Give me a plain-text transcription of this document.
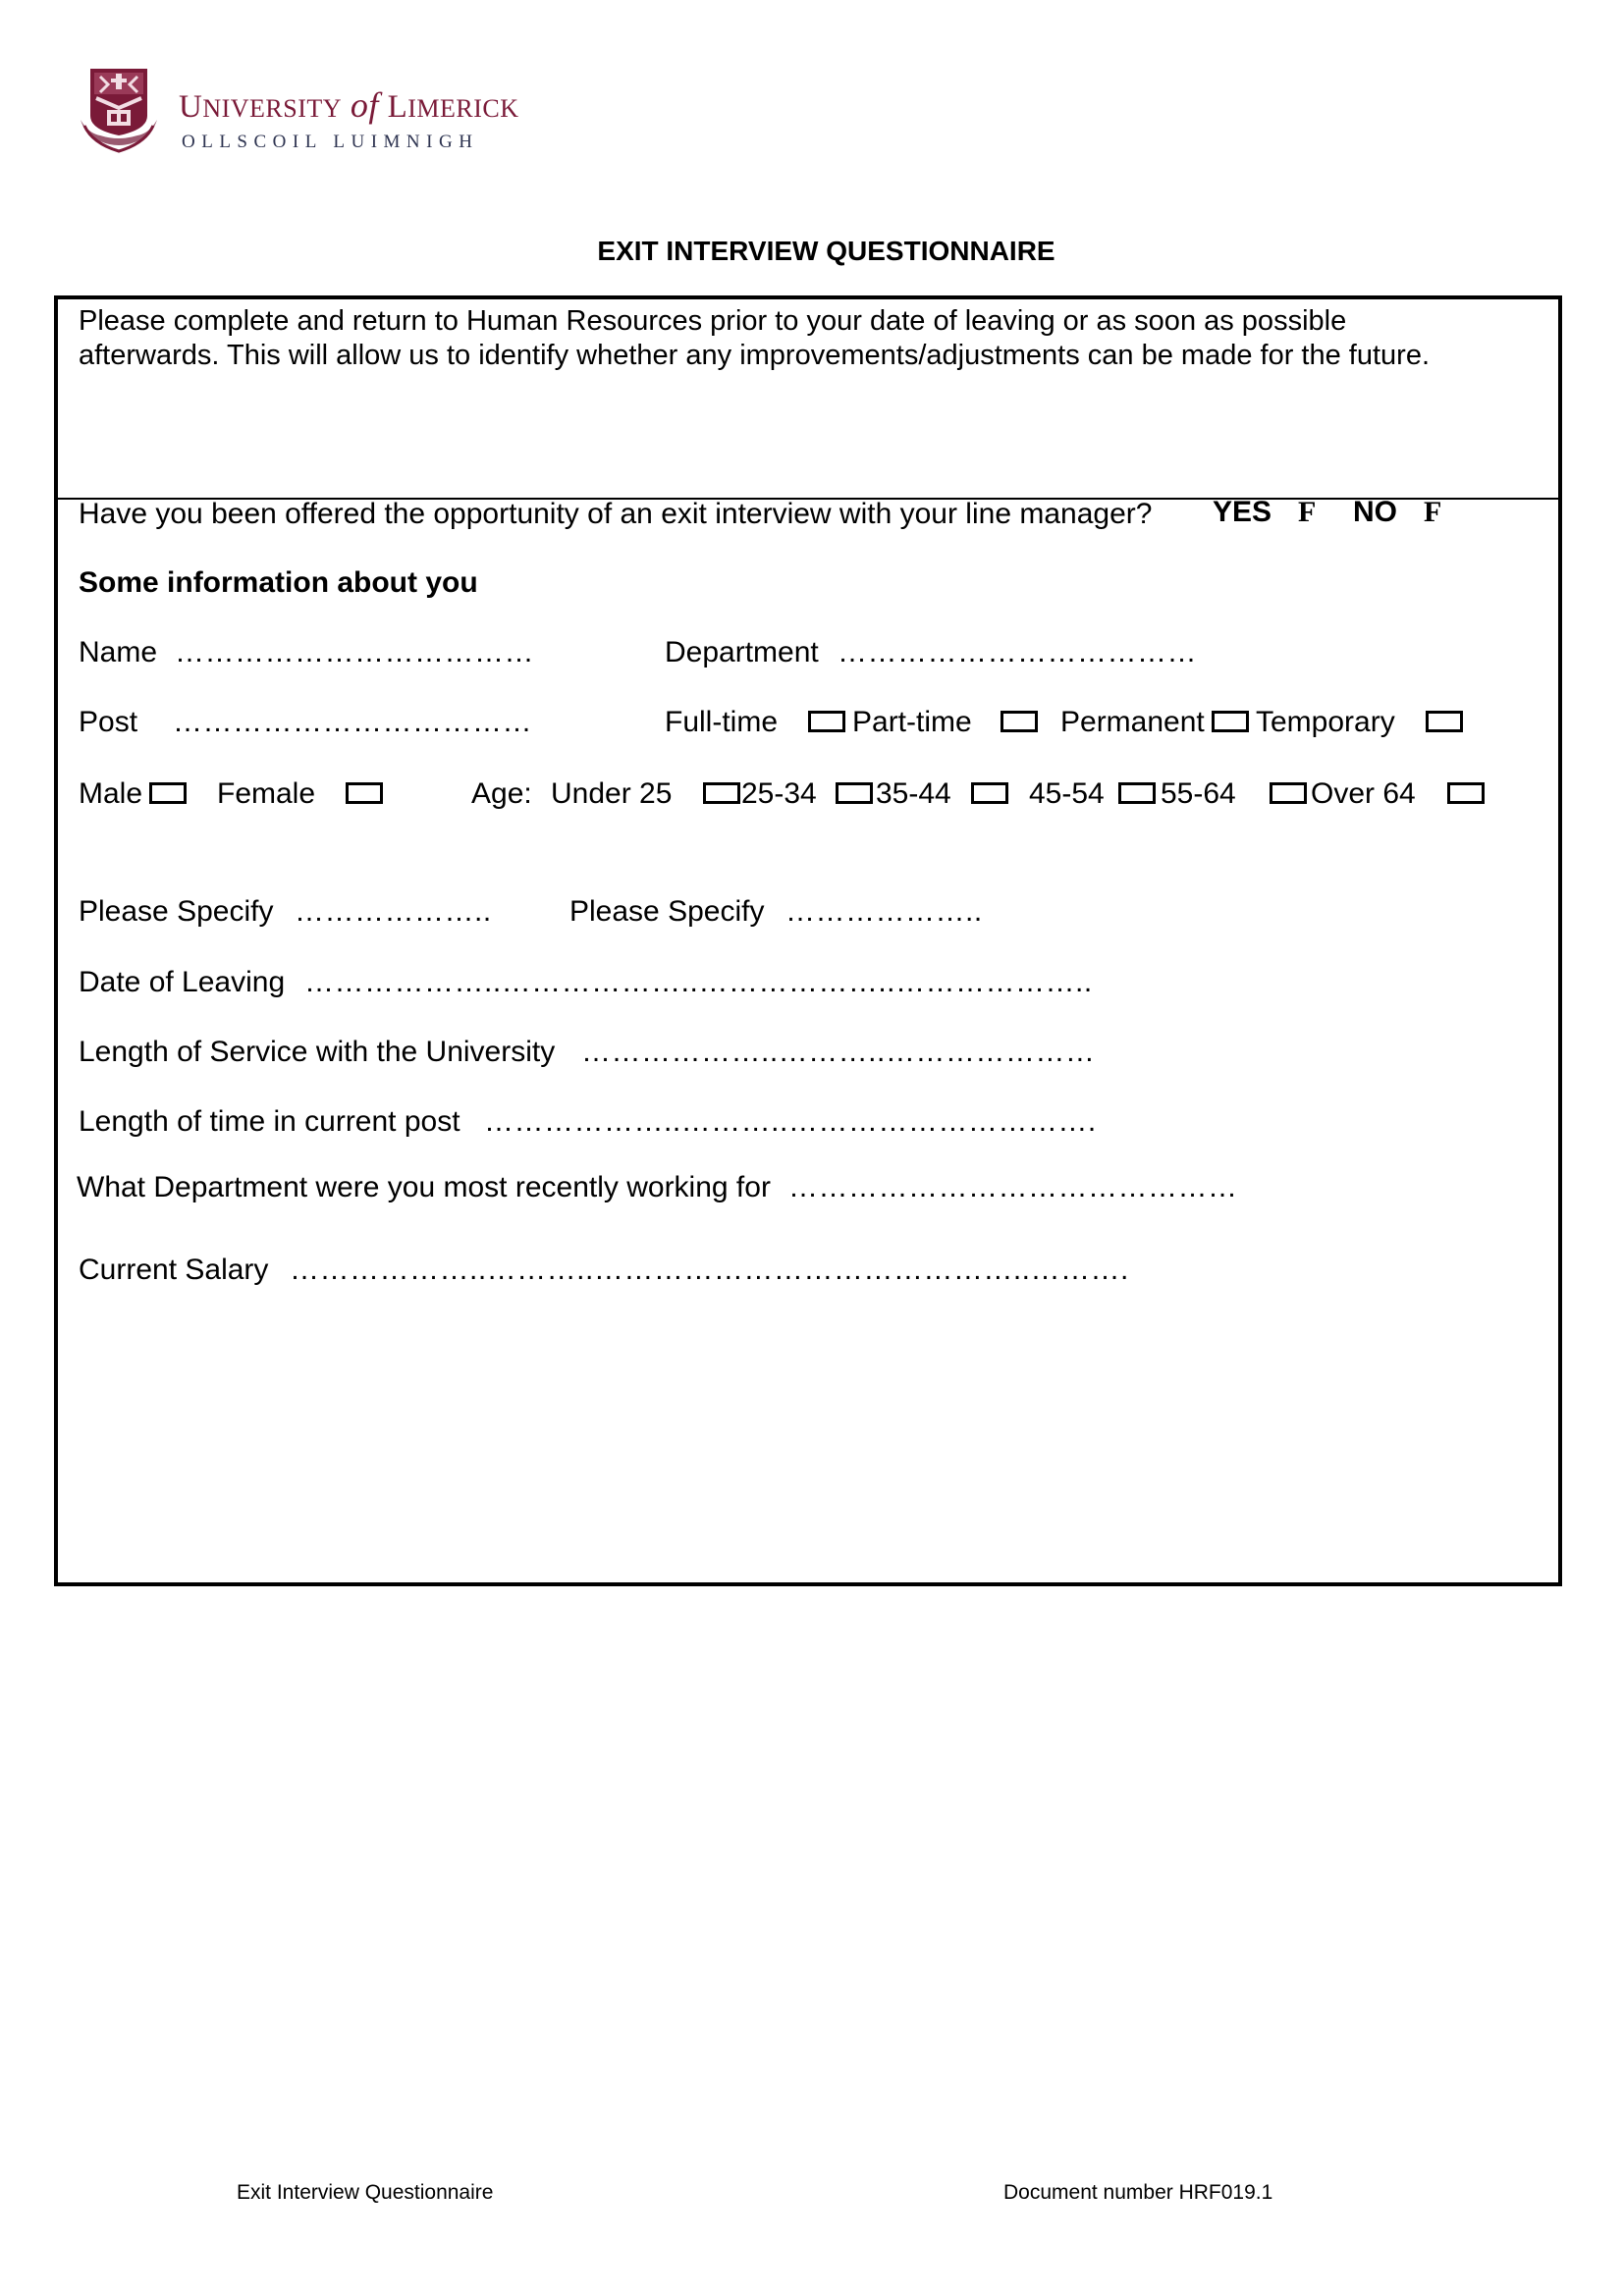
UNIVERSITY of LIMERICK
OLLSCOIL LUIMNIGH
EXIT INTERVIEW QUESTIONNAIRE
Please complete and return to Human Resources prior to your date of leaving or as soon as possible
afterwards. This will allow us to identify whether any improvements/adjustments can be made for the future.
Have you been offered the opportunity of an exit interview with your line manager? YES F NO F
Some information about you
Name ………………………………	Department ………………………………
Post ………………………………	Full-time	Part-time	Permanent Temporary
Male	Female	Age: Under 25 25-34 35-44	45-54 55-64	Over 64
Please Specify ………………..	Please Specify ………………..
Date of Leaving ………………..………………..………………..………………..
Length of Service with the University ………………..………..…………………
Length of time in current post ………………..………..………………………….
What Department were you most recently working for ………………………………………
Current Salary ………………..………..……………………………………..……….
Exit Interview Questionnaire	Document number HRF019.1
